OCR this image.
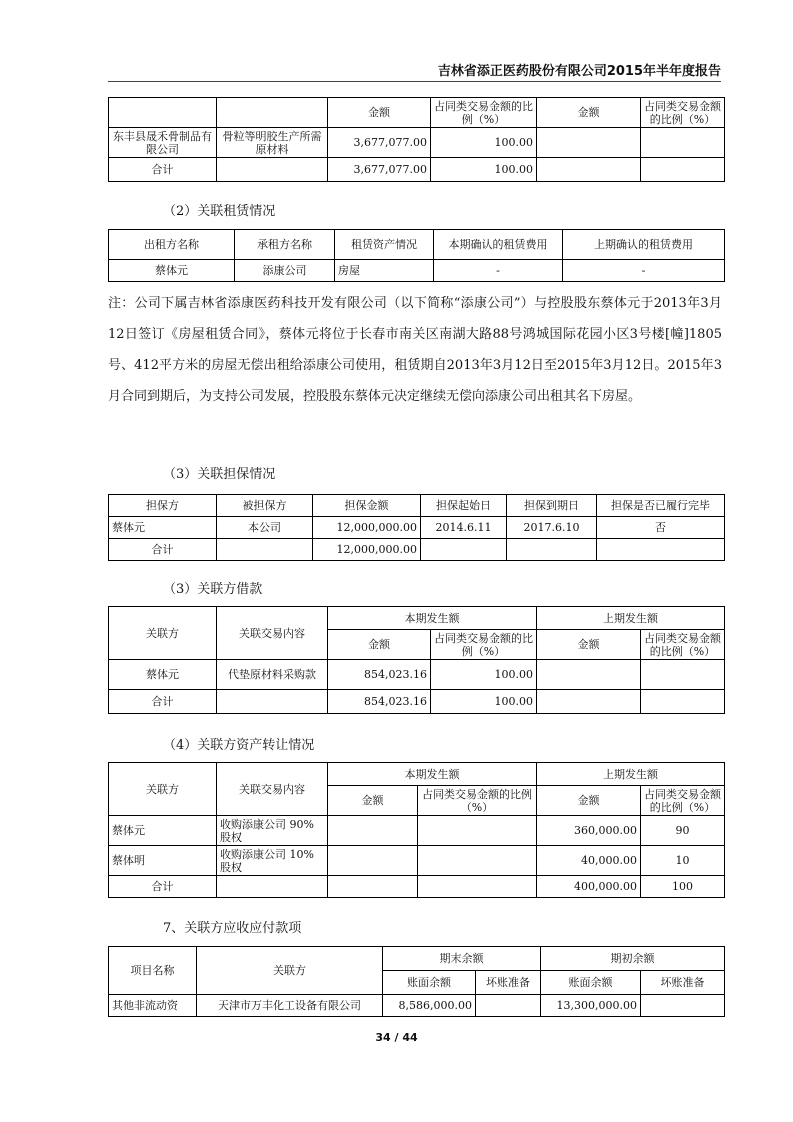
吉林省添正医药股份有限公司2015年半年度报告
		金额	占同类交易金额的比例（%）	金额	占同类交易金额的比例（%）
东丰县晟禾骨制品有限公司	骨粒等明胶生产所需原材料	3,677,077.00	100.00		
合计		3,677,077.00	100.00		
（2）关联租赁情况
出租方名称	承租方名称	租赁资产情况	本期确认的租赁费用	上期确认的租赁费用
蔡体元	添康公司	房屋	-	-
注：公司下属吉林省添康医药科技开发有限公司（以下简称“添康公司”）与控股股东蔡体元于2013年3月12日签订《房屋租赁合同》，蔡体元将位于长春市南关区南湖大路88号鸿城国际花园小区3号楼[幢]1805号、412平方米的房屋无偿出租给添康公司使用，租赁期自2013年3月12日至2015年3月12日。2015年3月合同到期后，为支持公司发展，控股股东蔡体元决定继续无偿向添康公司出租其名下房屋。
（3）关联担保情况
担保方	被担保方	担保金额	担保起始日	担保到期日	担保是否已履行完毕
蔡体元	本公司	12,000,000.00	2014.6.11	2017.6.10	否
合计		12,000,000.00			
（3）关联方借款
关联方	关联交易内容	本期发生额		上期发生额	
		金额	占同类交易金额的比例（%）	金额	占同类交易金额的比例（%）
蔡体元	代垫原材料采购款	854,023.16	100.00		
合计		854,023.16	100.00		
（4）关联方资产转让情况
关联方	关联交易内容	本期发生额		上期发生额	
		金额	占同类交易金额的比例（%）	金额	占同类交易金额的比例（%）
蔡体元	收购添康公司 90%股权			360,000.00	90
蔡体明	收购添康公司 10%股权			40,000.00	10
合计				400,000.00	100
7、关联方应收应付款项
项目名称	关联方	期末余额		期初余额	
		账面余额	坏账准备	账面余额	坏账准备
其他非流动资	天津市万丰化工设备有限公司	8,586,000.00		13,300,000.00	
34 / 44
